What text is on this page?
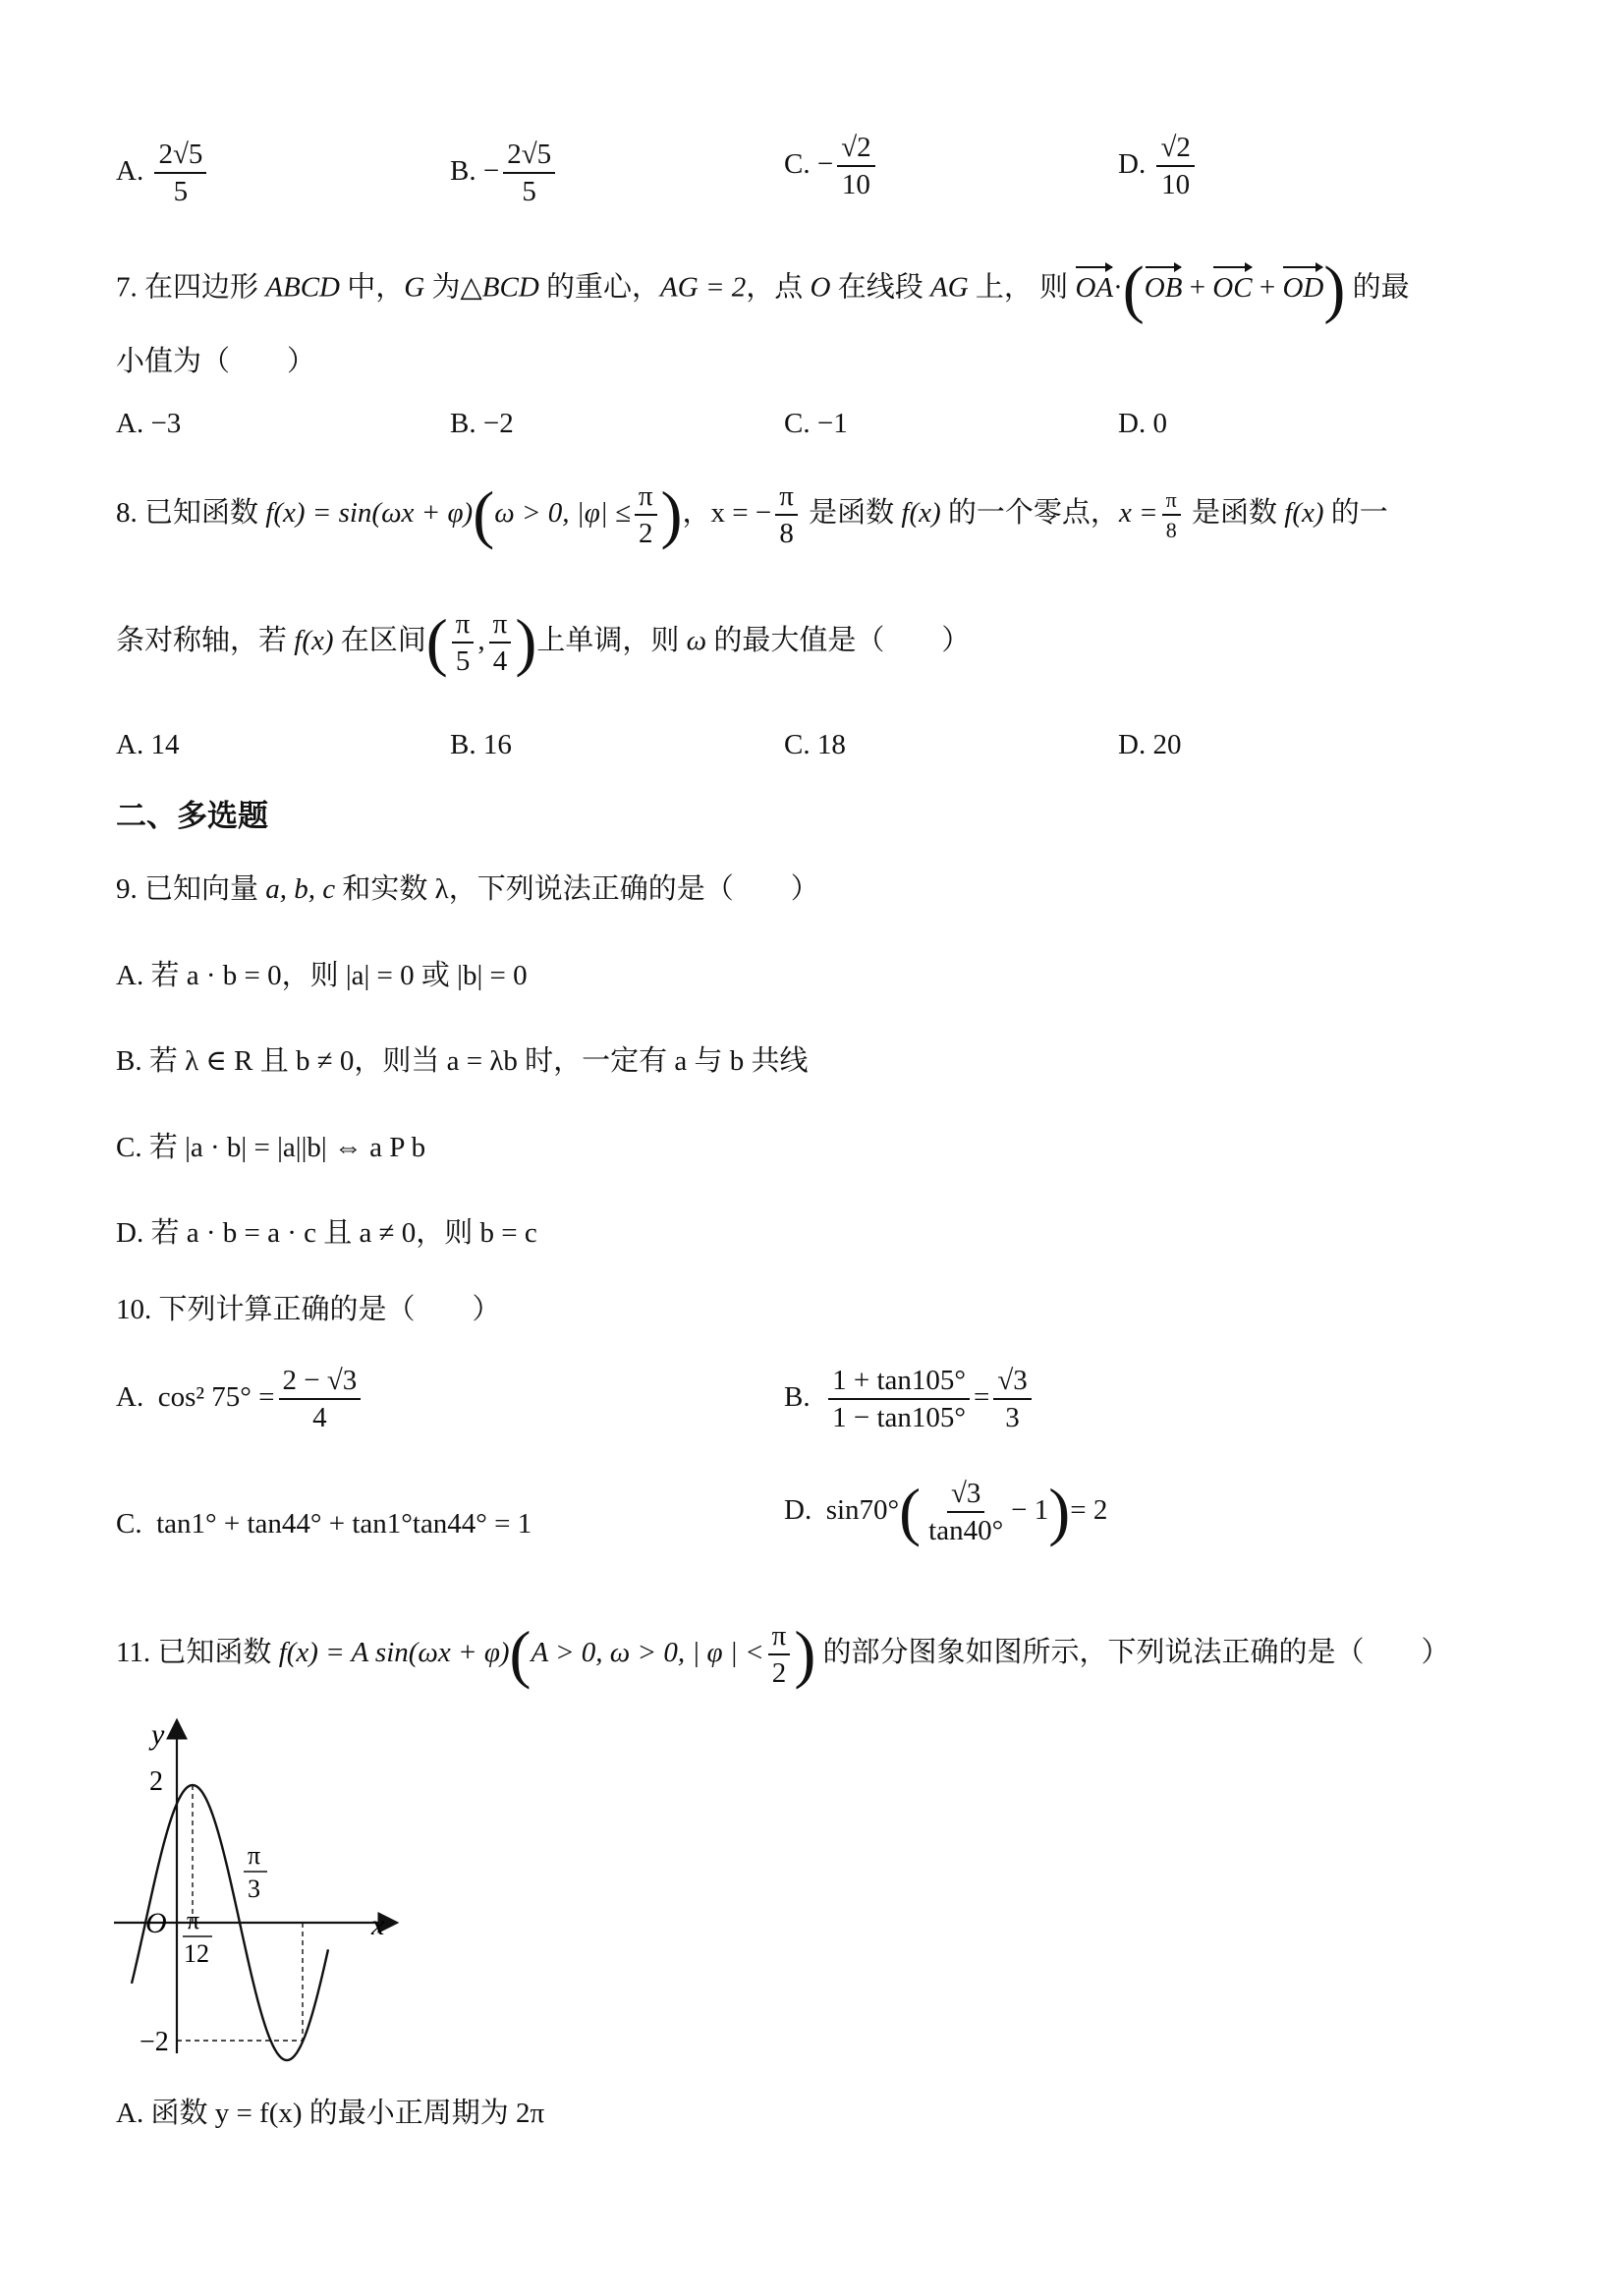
A. $\frac{2√5}{5}$	B. − $\frac{2√5}{5}$	C. − $\frac{√2}{10}$	D. $\frac{√2}{10}$
7. 在四边形 ABCD 中，G 为△BCD 的重心，AG = 2，点 O 在线段 AG 上， 则 OA·(OB + OC + OD) 的最
小值为（　　）
A. −3	B. −2	C. −1	D. 0
8. 已知函数 f(x) = sin(ωx + φ)(ω > 0, $|\varphi| \le \frac{\pi}{2}$ )，x = − $\frac{\pi}{8}$ 是函数 f(x) 的一个零点，$x = \frac{\pi}{8}$ 是函数 f(x) 的一
条对称轴，若 f(x) 在区间( $\frac{\pi}{5}$ , $\frac{\pi}{4}$ )上单调，则 ω 的最大值是（　　）
A. 14	B. 16	C. 18	D. 20
二、多选题
9. 已知向量 a, b, c 和实数 λ，下列说法正确的是（　　）
A. 若 a · b = 0，则 |a| = 0 或 |b| = 0
B. 若 λ ∈ R 且 b ≠ 0，则当 a = λb 时，一定有 a 与 b 共线
C. 若 |a · b| = |a||b| ⇔ a P b
D. 若 a · b = a · c 且 a ≠ 0，则 b = c
10. 下列计算正确的是（　　）
A. cos² $75^\circ = \frac{2 - √3}{4}$	B. $\frac{1 + \tan 105^\circ}{1 - \tan 105^\circ} = \frac{√3}{3}$
C. tan1° + tan44° + tan1°tan44° = 1	D. $\sin 70^\circ( \frac{√3}{\tan 40^\circ} - 1)= 2$
11. 已知函数 f(x) = A sin(ωx + φ)(A > 0, ω > 0, | φ | < $\frac{\pi}{2}$ ) 的部分图象如图所示，下列说法正确的是（　　）
y
x
O
2
−2
π
12
π
3
A. 函数 y = f(x) 的最小正周期为 2π
